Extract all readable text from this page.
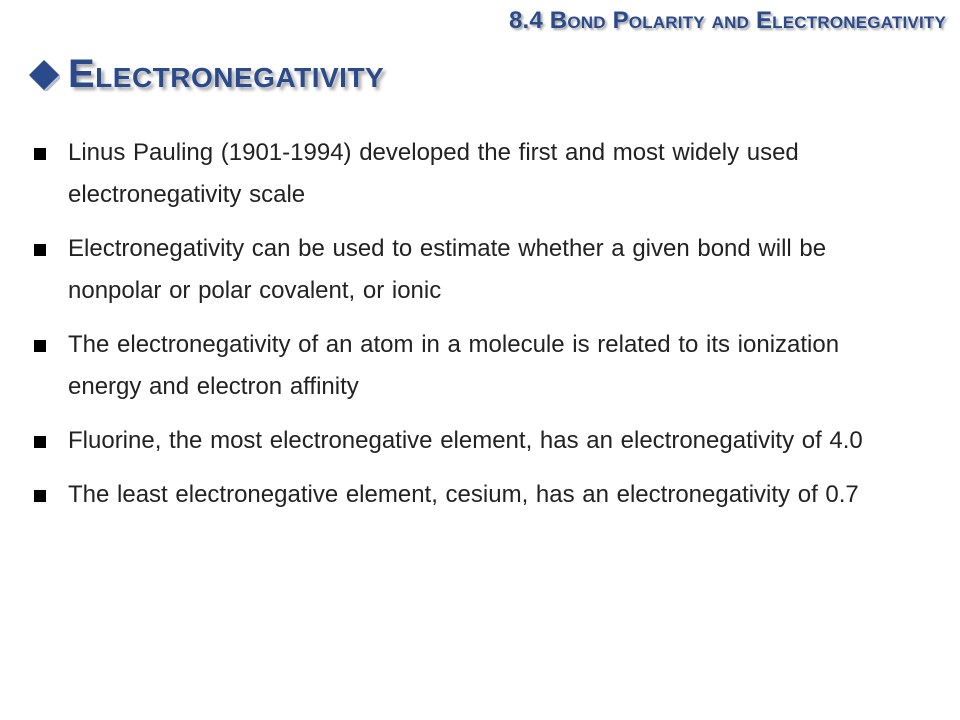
8.4 Bond Polarity and Electronegativity
Electronegativity
Linus Pauling (1901-1994) developed the first and most widely used electronegativity scale
Electronegativity can be used to estimate whether a given bond will be nonpolar or polar covalent, or ionic
The electronegativity of an atom in a molecule is related to its ionization energy and electron affinity
Fluorine, the most electronegative element, has an electronegativity of 4.0
The least electronegative element, cesium, has an electronegativity of 0.7
